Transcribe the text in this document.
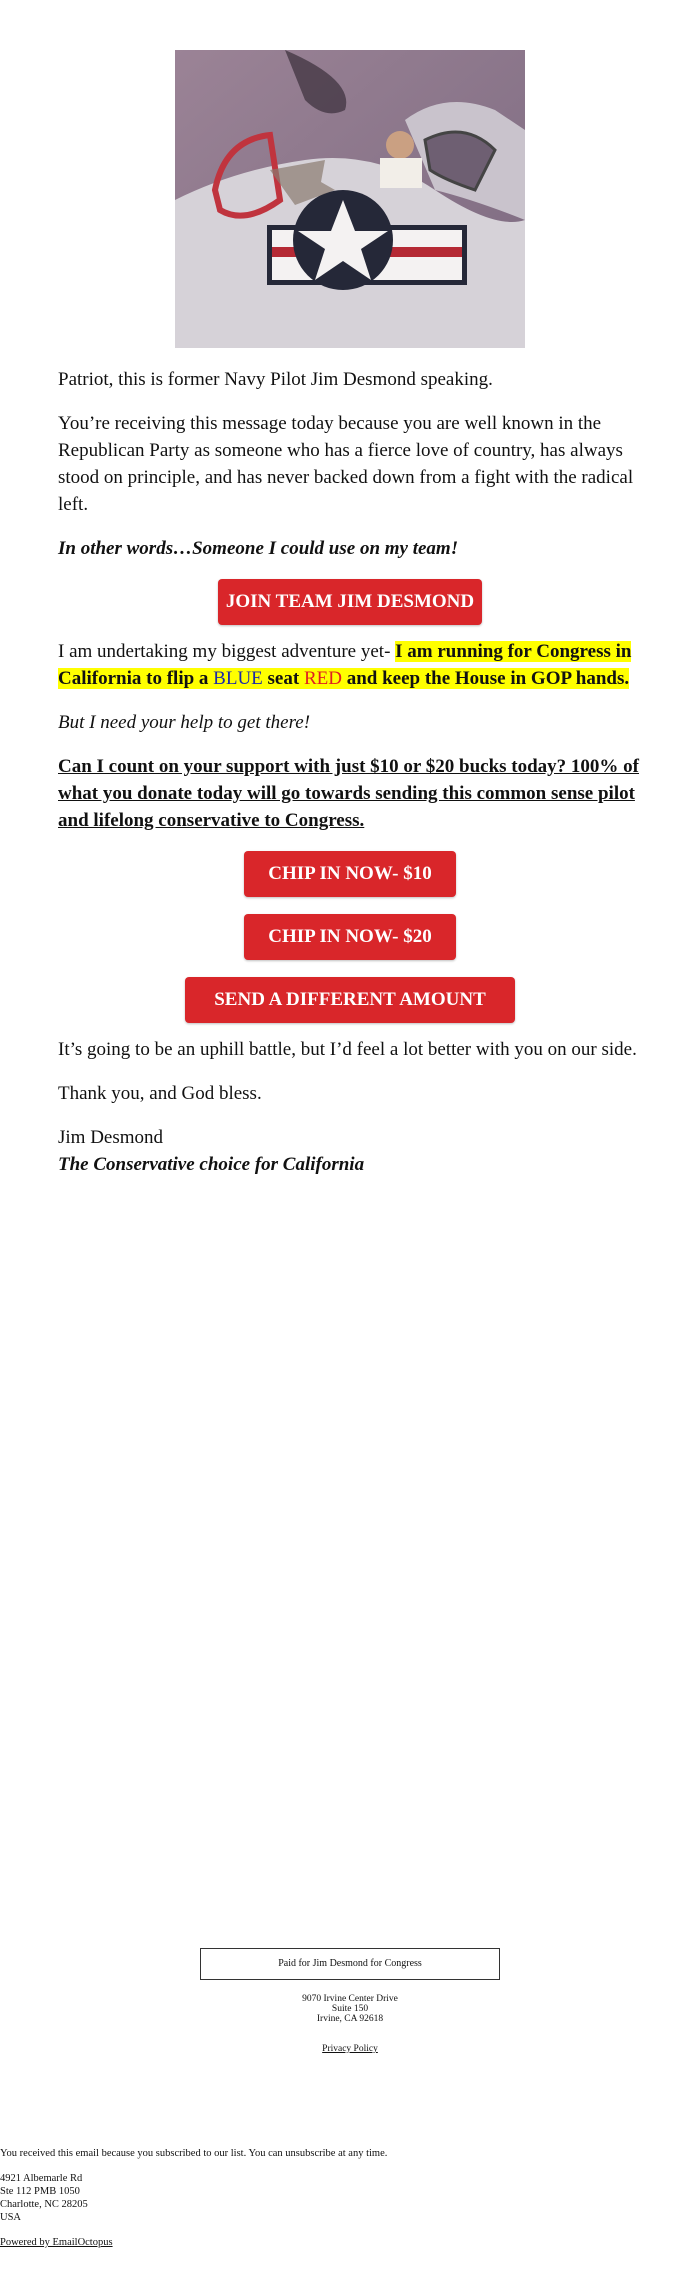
Patriot, this is former Navy Pilot Jim Desmond speaking.

You’re receiving this message today because you are well known in the Republican Party as someone who has a fierce love of country, has always stood on principle, and has never backed down from a fight with the radical left.

In other words…Someone I could use on my team!

JOIN TEAM JIM DESMOND

I am undertaking my biggest adventure yet- I am running for Congress in California to flip a BLUE seat RED and keep the House in GOP hands.

But I need your help to get there!

Can I count on your support with just $10 or $20 bucks today? 100% of what you donate today will go towards sending this common sense pilot and lifelong conservative to Congress.

CHIP IN NOW- $10
CHIP IN NOW- $20
SEND A DIFFERENT AMOUNT

It’s going to be an uphill battle, but I’d feel a lot better with you on our side.

Thank you, and God bless.

Jim Desmond

The Conservative choice for California

Paid for Jim Desmond for Congress
9070 Irvine Center Drive
Suite 150
Irvine, CA 92618
Privacy Policy
You received this email because you subscribed to our list. You can unsubscribe at any time.
4921 Albemarle Rd
Ste 112 PMB 1050
Charlotte, NC 28205
USA
Powered by EmailOctopus
